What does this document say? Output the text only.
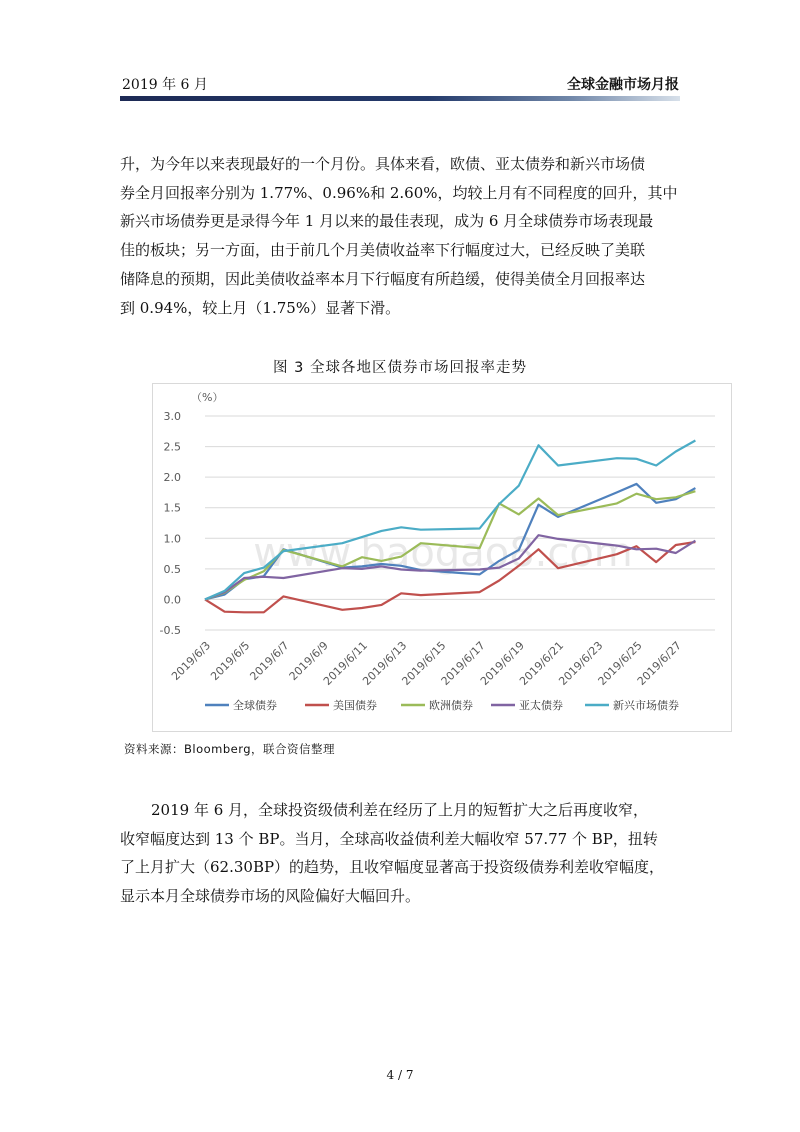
2019 年 6 月	全球金融市场月报

升，为今年以来表现最好的一个月份。具体来看，欧债、亚太债券和新兴市场债

券全月回报率分别为 1.77%、0.96%和 2.60%，均较上月有不同程度的回升，其中

新兴市场债券更是录得今年 1 月以来的最佳表现，成为 6 月全球债券市场表现最

佳的板块；另一方面，由于前几个月美债收益率下行幅度过大，已经反映了美联

储降息的预期，因此美债收益率本月下行幅度有所趋缓，使得美债全月回报率达

到 0.94%，较上月（1.75%）显著下滑。

图 3 全球各地区债券市场回报率走势
www.baogao8.com
（%）
3.0
2.5
2.0
1.5
1.0
0.5
0.0
-0.5
2019/6/3
2019/6/5
2019/6/7
2019/6/9
2019/6/11
2019/6/13
2019/6/15
2019/6/17
2019/6/19
2019/6/21
2019/6/23
2019/6/25
2019/6/27
全球债券	美国债券	欧洲债券	亚太债券	新兴市场债券
资料来源：Bloomberg，联合资信整理

2019 年 6 月，全球投资级债利差在经历了上月的短暂扩大之后再度收窄，

收窄幅度达到 13 个 BP。当月，全球高收益债利差大幅收窄 57.77 个 BP，扭转

了上月扩大（62.30BP）的趋势，且收窄幅度显著高于投资级债券利差收窄幅度，

显示本月全球债券市场的风险偏好大幅回升。

4 / 7
